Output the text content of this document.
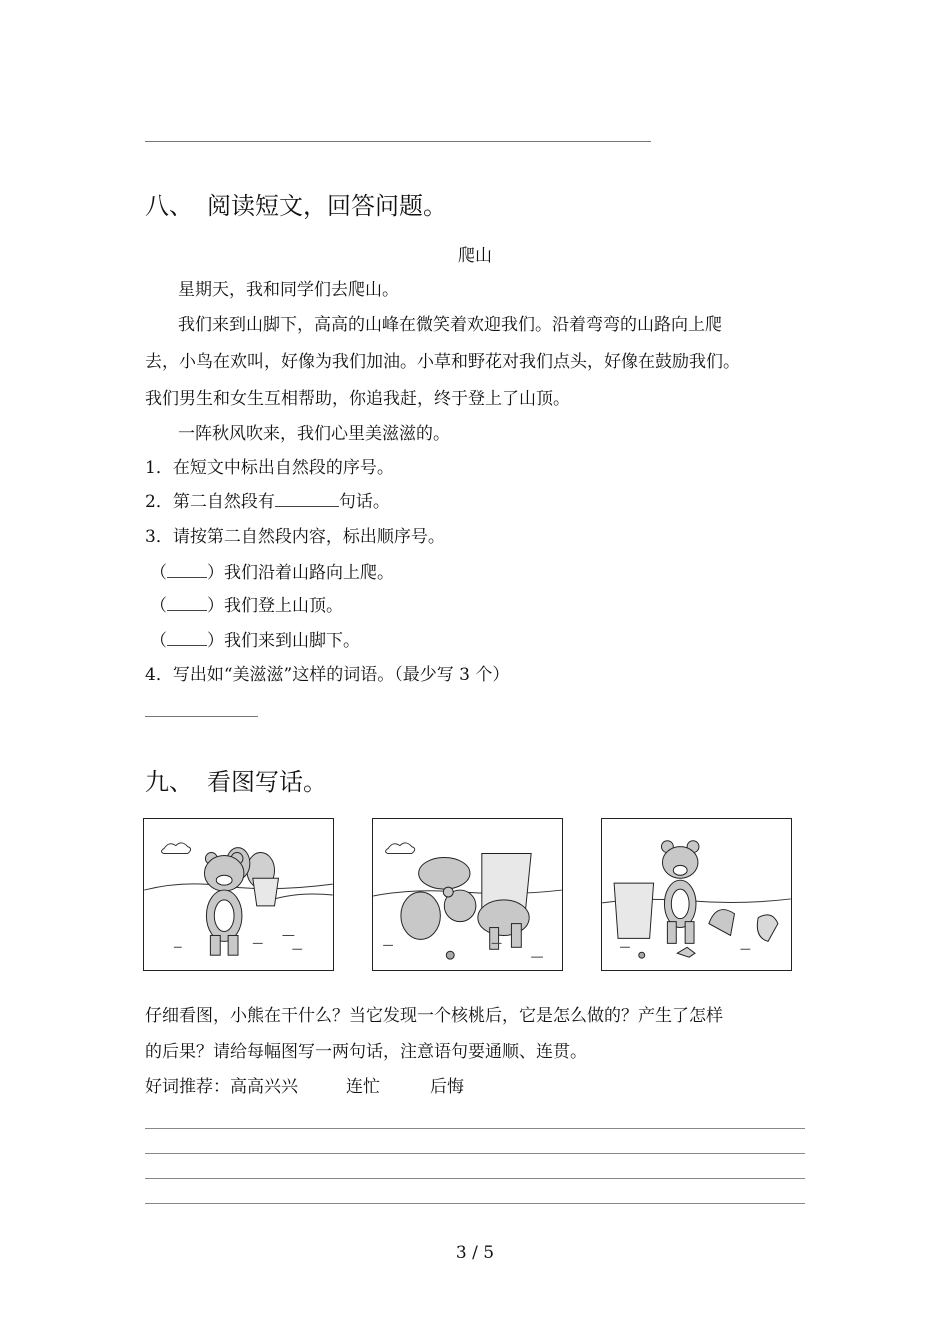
八、 阅读短文，回答问题。
爬山
星期天，我和同学们去爬山。
我们来到山脚下，高高的山峰在微笑着欢迎我们。沿着弯弯的山路向上爬
去，小鸟在欢叫，好像为我们加油。小草和野花对我们点头，好像在鼓励我们。
我们男生和女生互相帮助，你追我赶，终于登上了山顶。
一阵秋风吹来，我们心里美滋滋的。
1．在短文中标出自然段的序号。
2．第二自然段有	句话。
3．请按第二自然段内容，标出顺序号。
（ ）我们沿着山路向上爬。
（ ）我们登上山顶。
（ ）我们来到山脚下。
4．写出如“美滋滋”这样的词语。（最少写 3 个）
九、 看图写话。
仔细看图，小熊在干什么？当它发现一个核桃后，它是怎么做的？产生了怎样
的后果？请给每幅图写一两句话，注意语句要通顺、连贯。
好词推荐：高高兴兴	连忙	后悔
3 / 5
